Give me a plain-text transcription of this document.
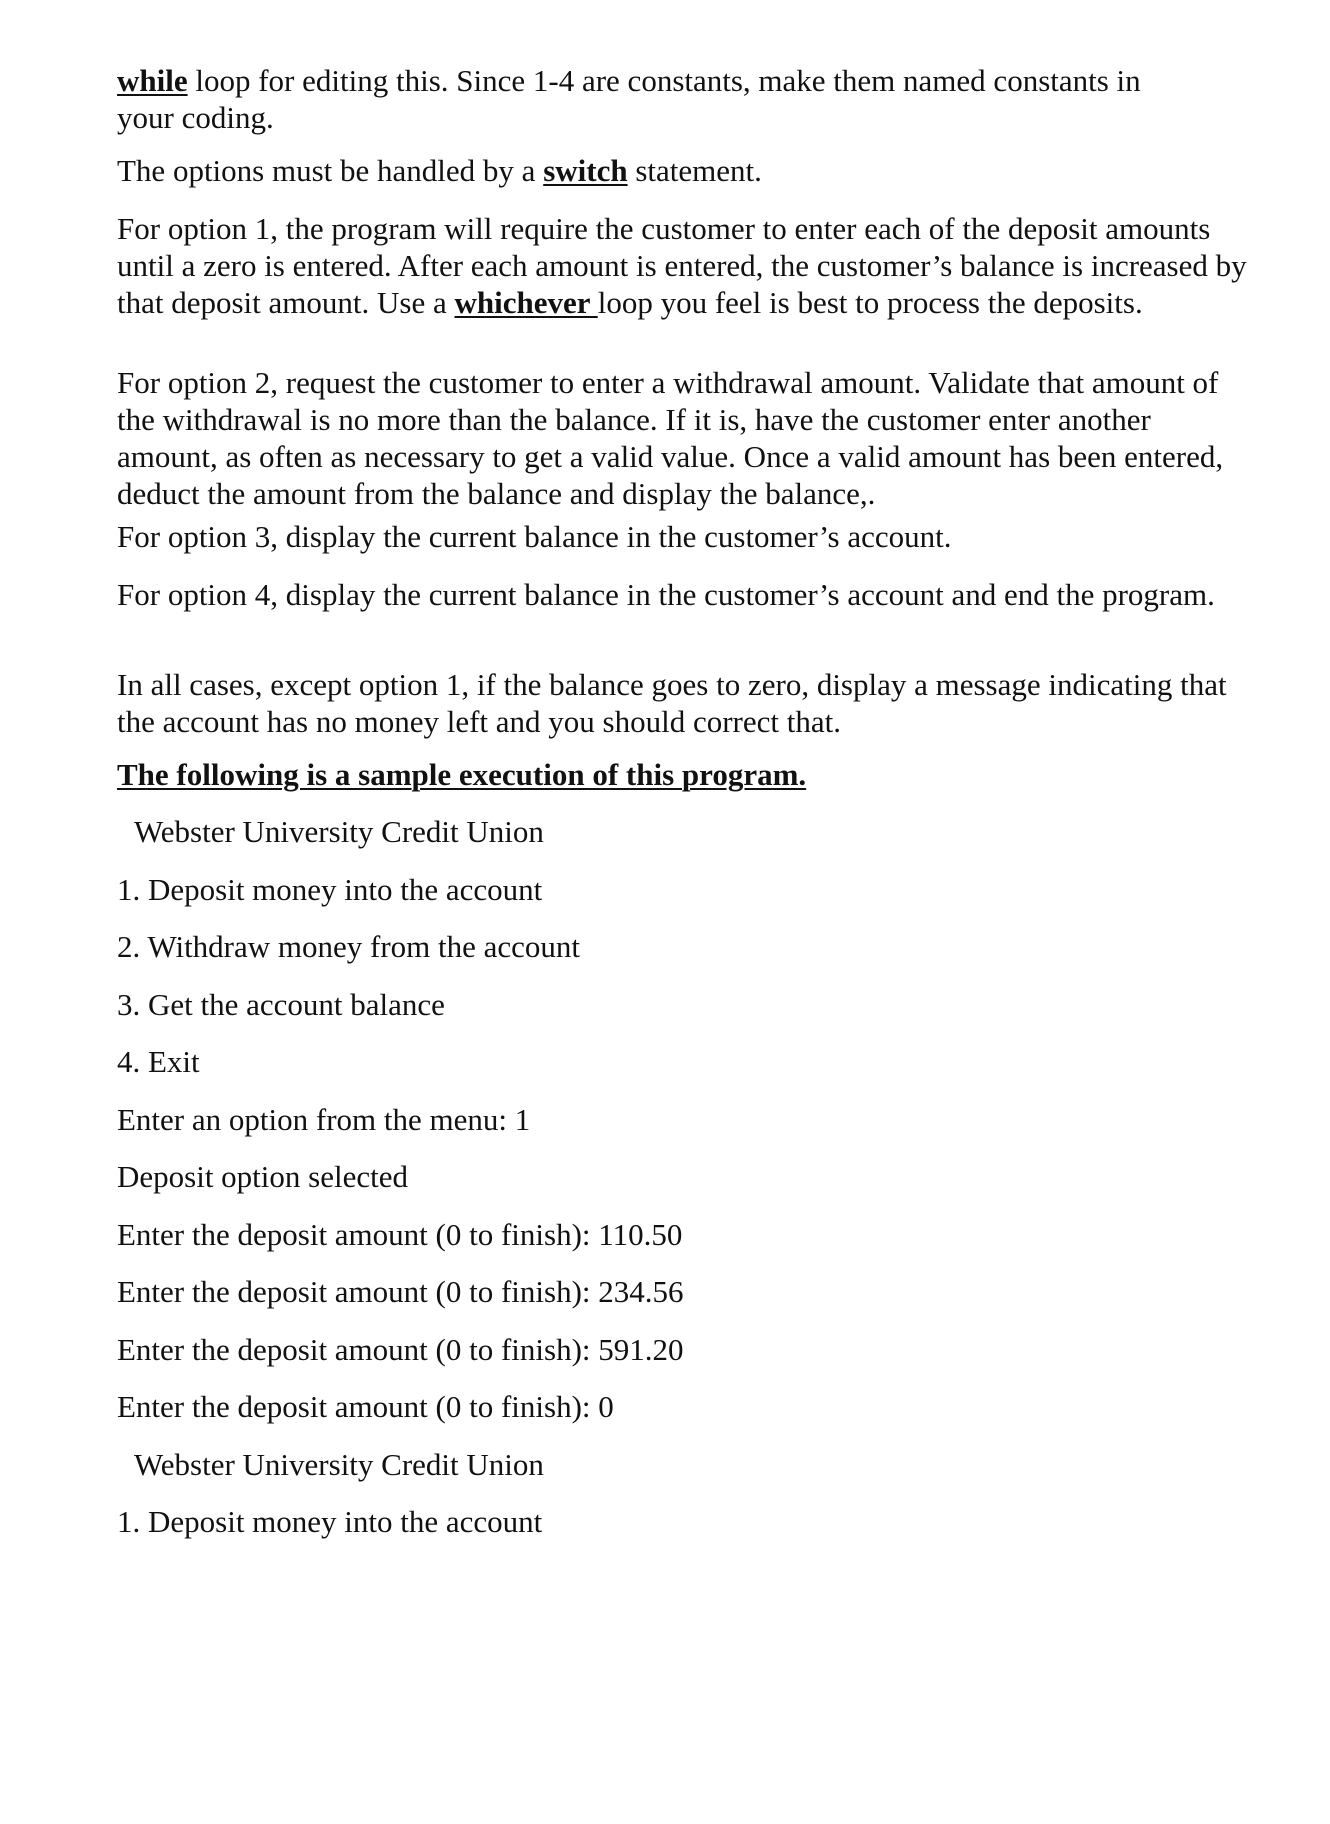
while loop for editing this. Since 1-4 are constants, make them named constants in
your coding.

The options must be handled by a switch statement.

For option 1, the program will require the customer to enter each of the deposit amounts until a zero is entered. After each amount is entered, the customer’s balance is increased by that deposit amount. Use a whichever loop you feel is best to process the deposits.

For option 2, request the customer to enter a withdrawal amount. Validate that amount of the withdrawal is no more than the balance. If it is, have the customer enter another amount, as often as necessary to get a valid value. Once a valid amount has been entered, deduct the amount from the balance and display the balance,.

For option 3, display the current balance in the customer’s account.

For option 4, display the current balance in the customer’s account and end the program.

In all cases, except option 1, if the balance goes to zero, display a message indicating that the account has no money left and you should correct that.

The following is a sample execution of this program.

Webster University Credit Union

1. Deposit money into the account

2. Withdraw money from the account

3. Get the account balance

4. Exit

Enter an option from the menu: 1

Deposit option selected

Enter the deposit amount (0 to finish): 110.50

Enter the deposit amount (0 to finish): 234.56

Enter the deposit amount (0 to finish): 591.20

Enter the deposit amount (0 to finish): 0

Webster University Credit Union

1. Deposit money into the account
